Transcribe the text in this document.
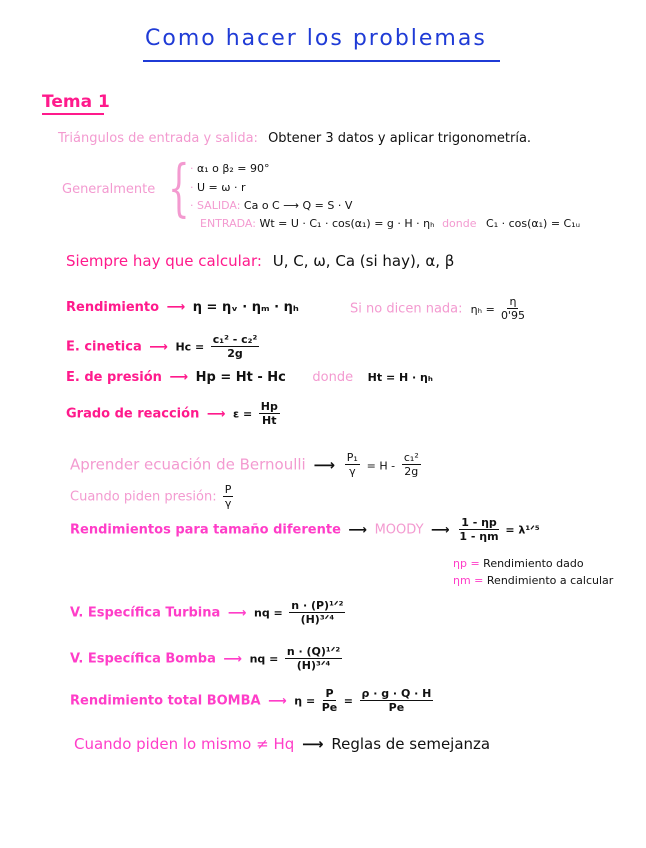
Como hacer los problemas
Tema 1
Triángulos de entrada y salida: Obtener 3 datos y aplicar trigonometría.
Generalmente { · α₁ o β₂ = 90°
· U = ω · r
· SALIDA: Ca o C ⟶ Q = S · V
ENTRADA: Wt = U · C₁ · cos(α₁) = g · H · ηₕ donde C₁ · cos(α₁) = C₁ᵤ
Siempre hay que calcular: U, C, ω, Ca (si hay), α, β
Rendimiento ⟶ η = ηᵥ · ηₘ · ηₕ	Si no dicen nada: $\eta_h = \frac{\eta}{0'95}$
E. cinetica ⟶ $Hc = \frac{\text{c₁² - c₂²}}{2g}$
E. de presión ⟶ Hp = Ht - Hc donde Ht = H · ηₕ
Grado de reacción ⟶ $\varepsilon = \frac{Hp}{Ht}$
Aprender ecuación de Bernoulli ⟶ $\frac{\text{P₁}}{\gamma} = H - \frac{\text{c₁²}}{2g}$
Cuando piden presión: $\frac{P}{\gamma}$
Rendimientos para tamaño diferente ⟶ MOODY ⟶ $\frac{1 - \eta p}{1 - \eta m}$ = λ¹ᐟ⁵
ηp = Rendimiento dado
ηm = Rendimiento a calcular
V. Específica Turbina ⟶ nq = $\frac{\text{n · (P)¹ᐟ²}}{\text{(H)³ᐟ⁴}}$
V. Específica Bomba ⟶ nq = $\frac{\text{n · (Q)¹ᐟ²}}{\text{(H)³ᐟ⁴}}$
Rendimiento total BOMBA ⟶ $\eta = \frac{P}{Pe} = \frac{\rho \cdot g \cdot Q \cdot H}{Pe}$
Cuando piden lo mismo ≠ Hq ⟶ Reglas de semejanza
